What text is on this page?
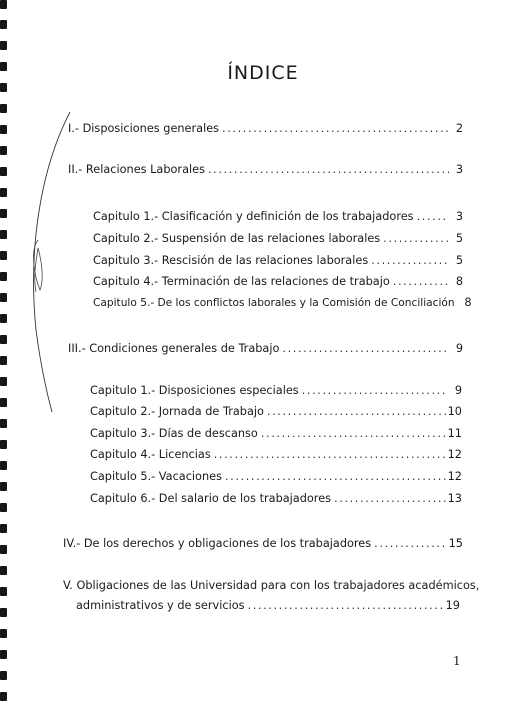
ÍNDICE
I.- Disposiciones generales .....	2
II.- Relaciones Laborales .....	3
Capitulo 1.- Clasificación y definición de los trabajadores .....	3
Capitulo 2.- Suspensión de las relaciones laborales .....	5
Capitulo 3.- Rescisión de las relaciones laborales .....	5
Capitulo 4.- Terminación de las relaciones de trabajo .....	8
Capitulo 5.- De los conflictos laborales y la Comisión de Conciliación 8
III.- Condiciones generales de Trabajo .....	9
Capitulo 1.- Disposiciones especiales .....	9
Capitulo 2.- Jornada de Trabajo .....	10
Capitulo 3.- Días de descanso .....	11
Capitulo 4.- Licencias .....	12
Capitulo 5.- Vacaciones .....	12
Capitulo 6.- Del salario de los trabajadores .....	13
IV.- De los derechos y obligaciones de los trabajadores .....	15
V. Obligaciones de las Universidad para con los trabajadores académicos,
administrativos y de servicios .....	19
1
